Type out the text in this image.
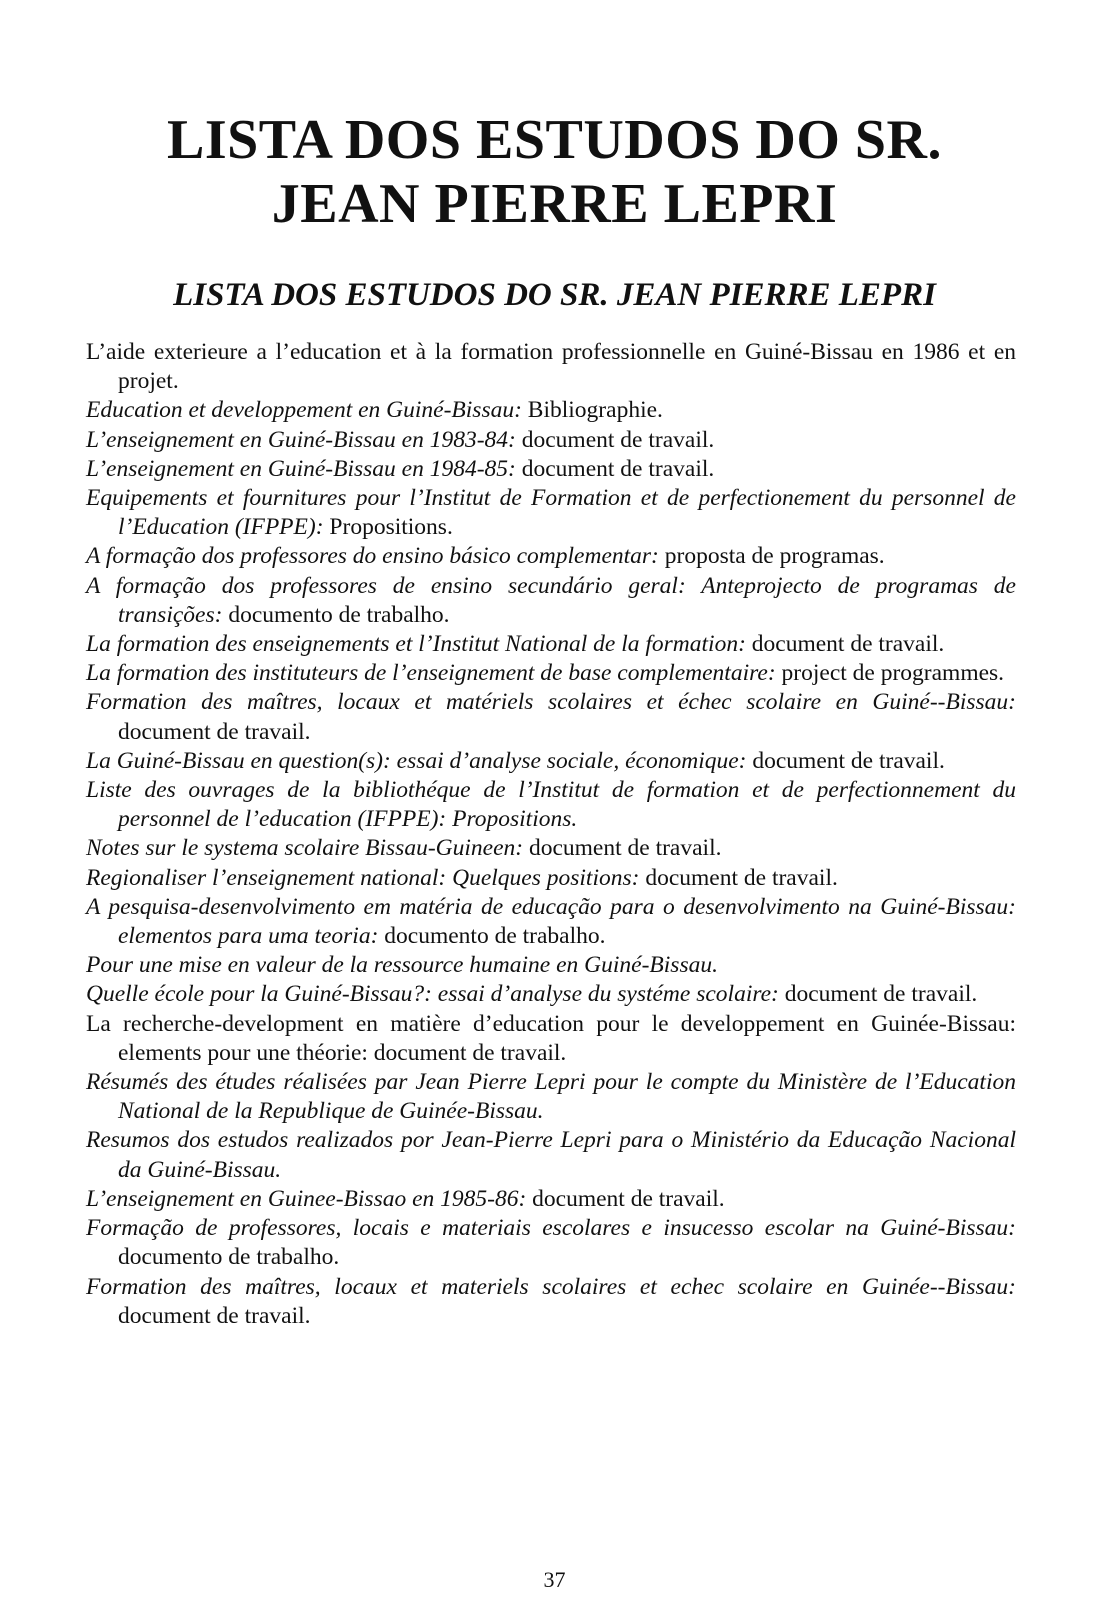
LISTA DOS ESTUDOS DO SR.
JEAN PIERRE LEPRI
LISTA DOS ESTUDOS DO SR. JEAN PIERRE LEPRI
L’aide exterieure a l’education et à la formation professionnelle en Guiné-Bissau en 1986 et en projet.
Education et developpement en Guiné-Bissau: Bibliographie.
L’enseignement en Guiné-Bissau en 1983-84: document de travail.
L’enseignement en Guiné-Bissau en 1984-85: document de travail.
Equipements et fournitures pour l’Institut de Formation et de perfectionement du personnel de l’Education (IFPPE): Propositions.
A formação dos professores do ensino básico complementar: proposta de programas.
A formação dos professores de ensino secundário geral: Anteprojecto de programas de transições: documento de trabalho.
La formation des enseignements et l’Institut National de la formation: document de travail.
La formation des instituteurs de l’enseignement de base complementaire: project de programmes.
Formation des maîtres, locaux et matériels scolaires et échec scolaire en Guiné--Bissau: document de travail.
La Guiné-Bissau en question(s): essai d’analyse sociale, économique: document de travail.
Liste des ouvrages de la bibliothéque de l’Institut de formation et de perfectionnement du personnel de l’education (IFPPE): Propositions.
Notes sur le systema scolaire Bissau-Guineen: document de travail.
Regionaliser l’enseignement national: Quelques positions: document de travail.
A pesquisa-desenvolvimento em matéria de educação para o desenvolvimento na Guiné-Bissau: elementos para uma teoria: documento de trabalho.
Pour une mise en valeur de la ressource humaine en Guiné-Bissau.
Quelle école pour la Guiné-Bissau?: essai d’analyse du systéme scolaire: document de travail.
La recherche-development en matière d’education pour le developpement en Guinée-Bissau: elements pour une théorie: document de travail.
Résumés des études réalisées par Jean Pierre Lepri pour le compte du Ministère de l’Education National de la Republique de Guinée-Bissau.
Resumos dos estudos realizados por Jean-Pierre Lepri para o Ministério da Educação Nacional da Guiné-Bissau.
L’enseignement en Guinee-Bissao en 1985-86: document de travail.
Formação de professores, locais e materiais escolares e insucesso escolar na Guiné-Bissau: documento de trabalho.
Formation des maîtres, locaux et materiels scolaires et echec scolaire en Guinée--Bissau: document de travail.
37
